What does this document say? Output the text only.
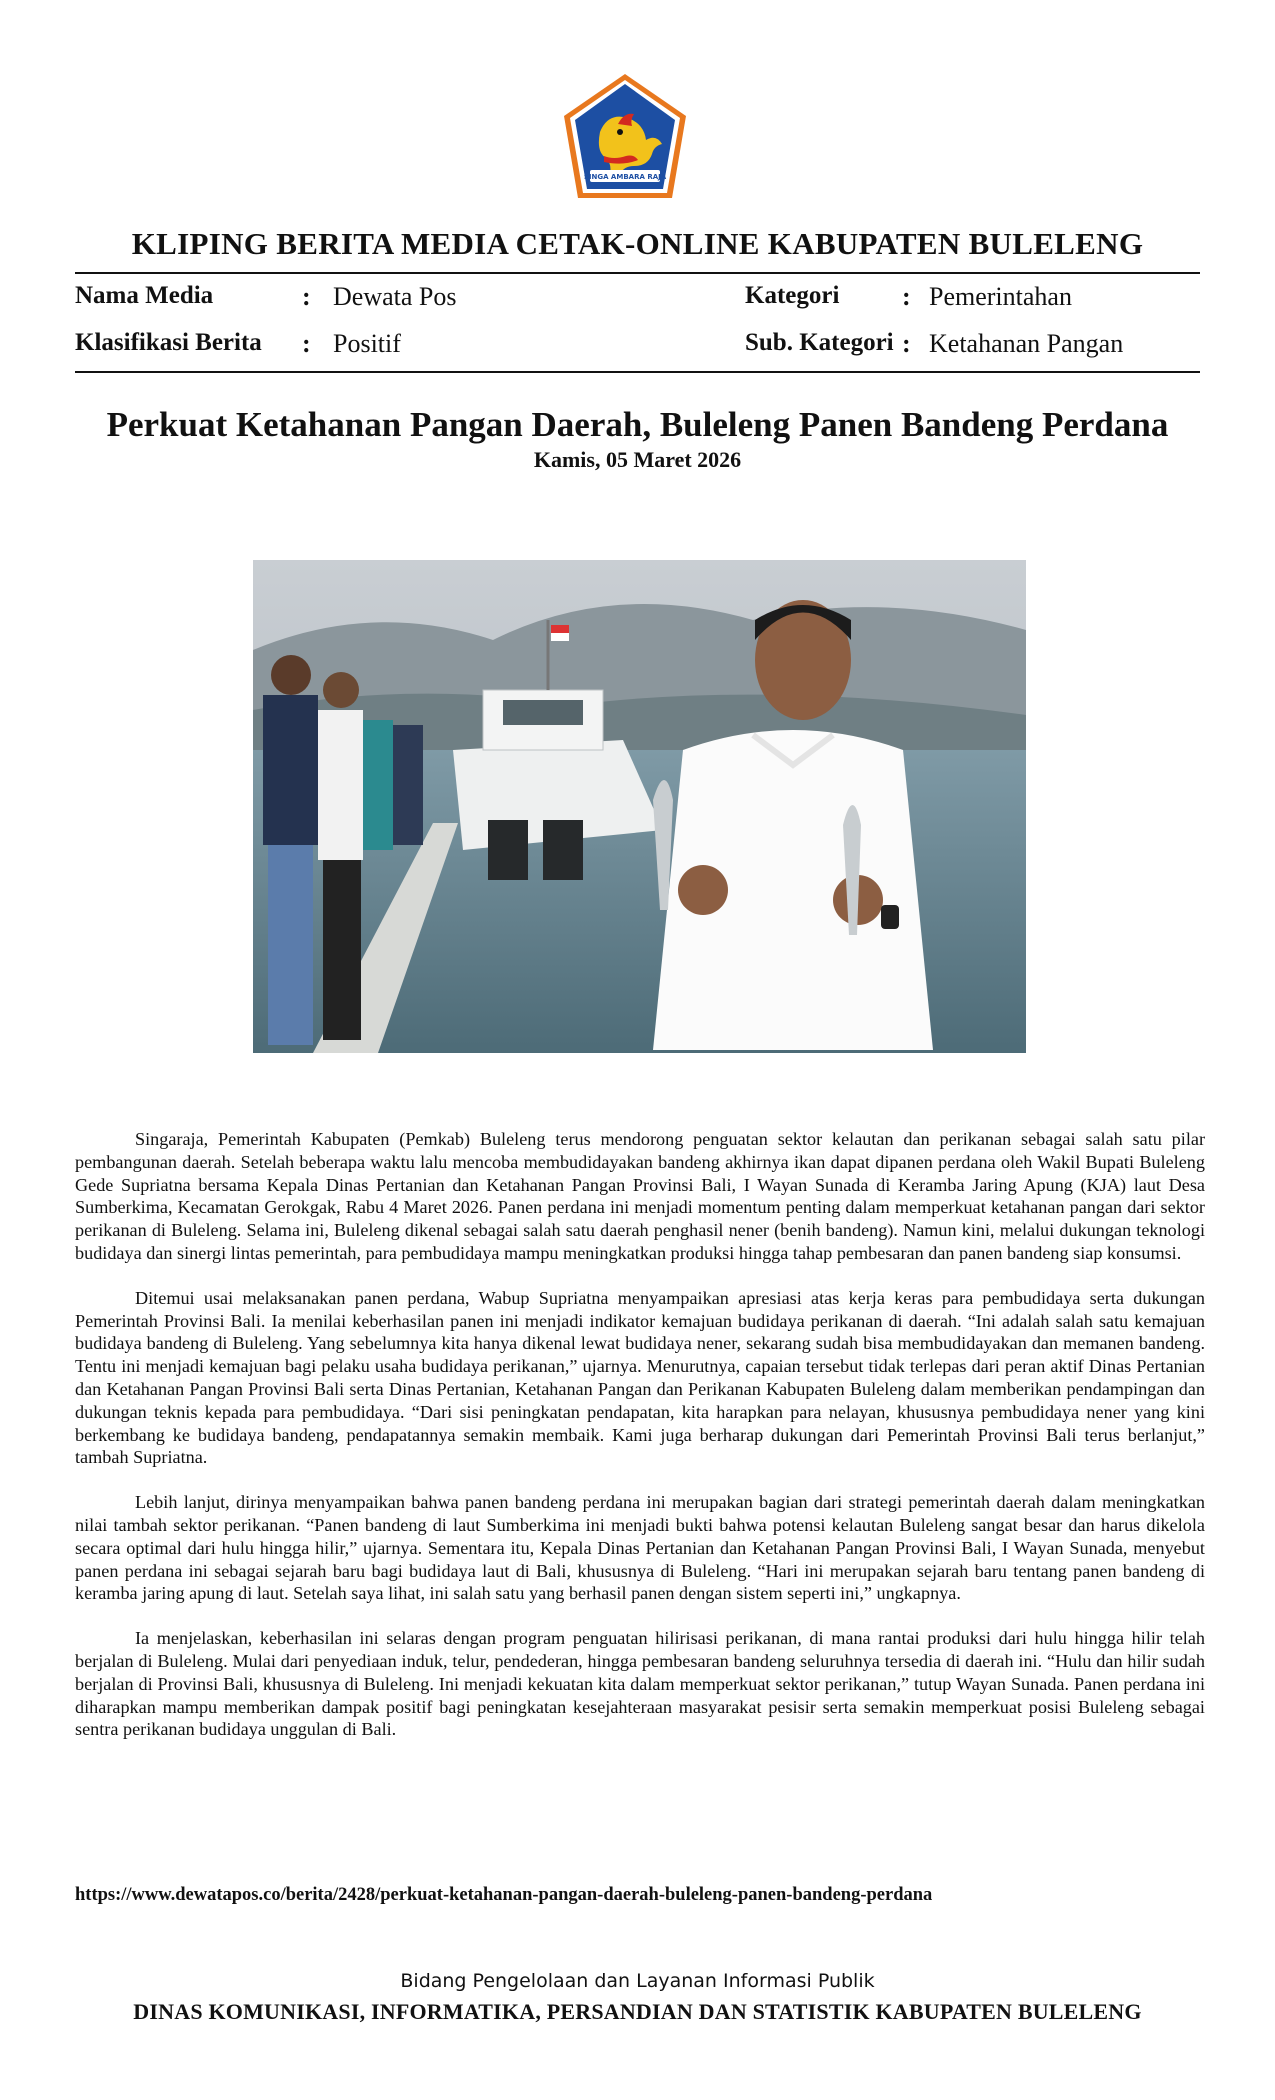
SINGA AMBARA RAJA
KLIPING BERITA MEDIA CETAK-ONLINE KABUPATEN BULELENG
Nama Media	: Dewata Pos	Kategori : Pemerintahan
Klasifikasi Berita : Positif	Sub. Kategori : Ketahanan Pangan
Perkuat Ketahanan Pangan Daerah, Buleleng Panen Bandeng Perdana
Kamis, 05 Maret 2026

Singaraja, Pemerintah Kabupaten (Pemkab) Buleleng terus mendorong penguatan sektor kelautan dan perikanan sebagai salah satu pilar pembangunan daerah. Setelah beberapa waktu lalu mencoba membudidayakan bandeng akhirnya ikan dapat dipanen perdana oleh Wakil Bupati Buleleng Gede Supriatna bersama Kepala Dinas Pertanian dan Ketahanan Pangan Provinsi Bali, I Wayan Sunada di Keramba Jaring Apung (KJA) laut Desa Sumberkima, Kecamatan Gerokgak, Rabu 4 Maret 2026. Panen perdana ini menjadi momentum penting dalam memperkuat ketahanan pangan dari sektor perikanan di Buleleng. Selama ini, Buleleng dikenal sebagai salah satu daerah penghasil nener (benih bandeng). Namun kini, melalui dukungan teknologi budidaya dan sinergi lintas pemerintah, para pembudidaya mampu meningkatkan produksi hingga tahap pembesaran dan panen bandeng siap konsumsi.

Ditemui usai melaksanakan panen perdana, Wabup Supriatna menyampaikan apresiasi atas kerja keras para pembudidaya serta dukungan Pemerintah Provinsi Bali. Ia menilai keberhasilan panen ini menjadi indikator kemajuan budidaya perikanan di daerah. “Ini adalah salah satu kemajuan budidaya bandeng di Buleleng. Yang sebelumnya kita hanya dikenal lewat budidaya nener, sekarang sudah bisa membudidayakan dan memanen bandeng. Tentu ini menjadi kemajuan bagi pelaku usaha budidaya perikanan,” ujarnya. Menurutnya, capaian tersebut tidak terlepas dari peran aktif Dinas Pertanian dan Ketahanan Pangan Provinsi Bali serta Dinas Pertanian, Ketahanan Pangan dan Perikanan Kabupaten Buleleng dalam memberikan pendampingan dan dukungan teknis kepada para pembudidaya. “Dari sisi peningkatan pendapatan, kita harapkan para nelayan, khususnya pembudidaya nener yang kini berkembang ke budidaya bandeng, pendapatannya semakin membaik. Kami juga berharap dukungan dari Pemerintah Provinsi Bali terus berlanjut,” tambah Supriatna.

Lebih lanjut, dirinya menyampaikan bahwa panen bandeng perdana ini merupakan bagian dari strategi pemerintah daerah dalam meningkatkan nilai tambah sektor perikanan. “Panen bandeng di laut Sumberkima ini menjadi bukti bahwa potensi kelautan Buleleng sangat besar dan harus dikelola secara optimal dari hulu hingga hilir,” ujarnya. Sementara itu, Kepala Dinas Pertanian dan Ketahanan Pangan Provinsi Bali, I Wayan Sunada, menyebut panen perdana ini sebagai sejarah baru bagi budidaya laut di Bali, khususnya di Buleleng. “Hari ini merupakan sejarah baru tentang panen bandeng di keramba jaring apung di laut. Setelah saya lihat, ini salah satu yang berhasil panen dengan sistem seperti ini,” ungkapnya.

Ia menjelaskan, keberhasilan ini selaras dengan program penguatan hilirisasi perikanan, di mana rantai produksi dari hulu hingga hilir telah berjalan di Buleleng. Mulai dari penyediaan induk, telur, pendederan, hingga pembesaran bandeng seluruhnya tersedia di daerah ini. “Hulu dan hilir sudah berjalan di Provinsi Bali, khususnya di Buleleng. Ini menjadi kekuatan kita dalam memperkuat sektor perikanan,” tutup Wayan Sunada. Panen perdana ini diharapkan mampu memberikan dampak positif bagi peningkatan kesejahteraan masyarakat pesisir serta semakin memperkuat posisi Buleleng sebagai sentra perikanan budidaya unggulan di Bali.

https://www.dewatapos.co/berita/2428/perkuat-ketahanan-pangan-daerah-buleleng-panen-bandeng-perdana
Bidang Pengelolaan dan Layanan Informasi Publik
DINAS KOMUNIKASI, INFORMATIKA, PERSANDIAN DAN STATISTIK KABUPATEN BULELENG
